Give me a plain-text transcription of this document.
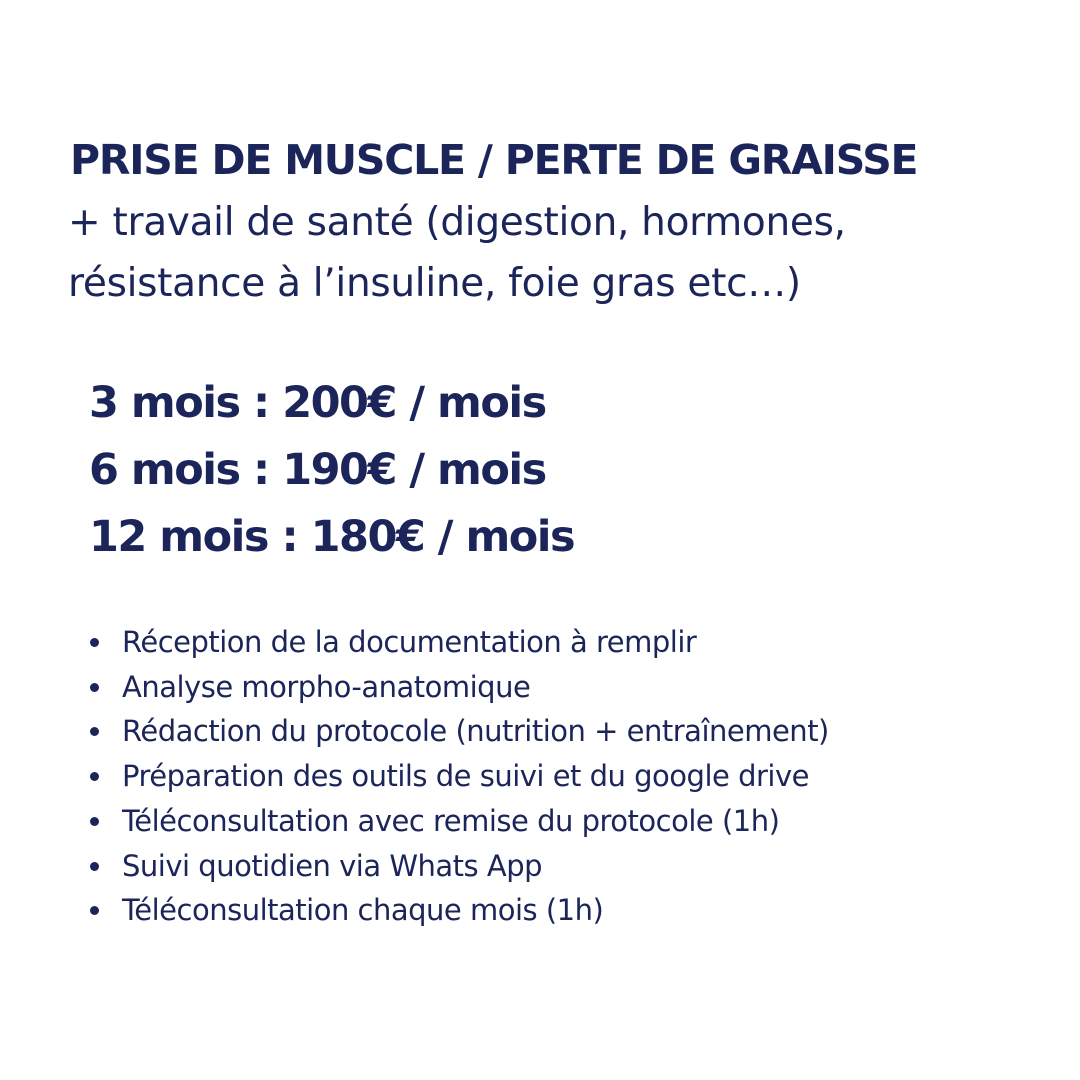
PRISE DE MUSCLE / PERTE DE GRAISSE

+ travail de santé (digestion, hormones,
résistance à l’insuline, foie gras etc…)

3 mois : 200€ / mois
6 mois : 190€ / mois
12 mois : 180€ / mois
Réception de la documentation à remplir
Analyse morpho-anatomique
Rédaction du protocole (nutrition + entraînement)
Préparation des outils de suivi et du google drive
Téléconsultation avec remise du protocole (1h)
Suivi quotidien via Whats App
Téléconsultation chaque mois (1h)
